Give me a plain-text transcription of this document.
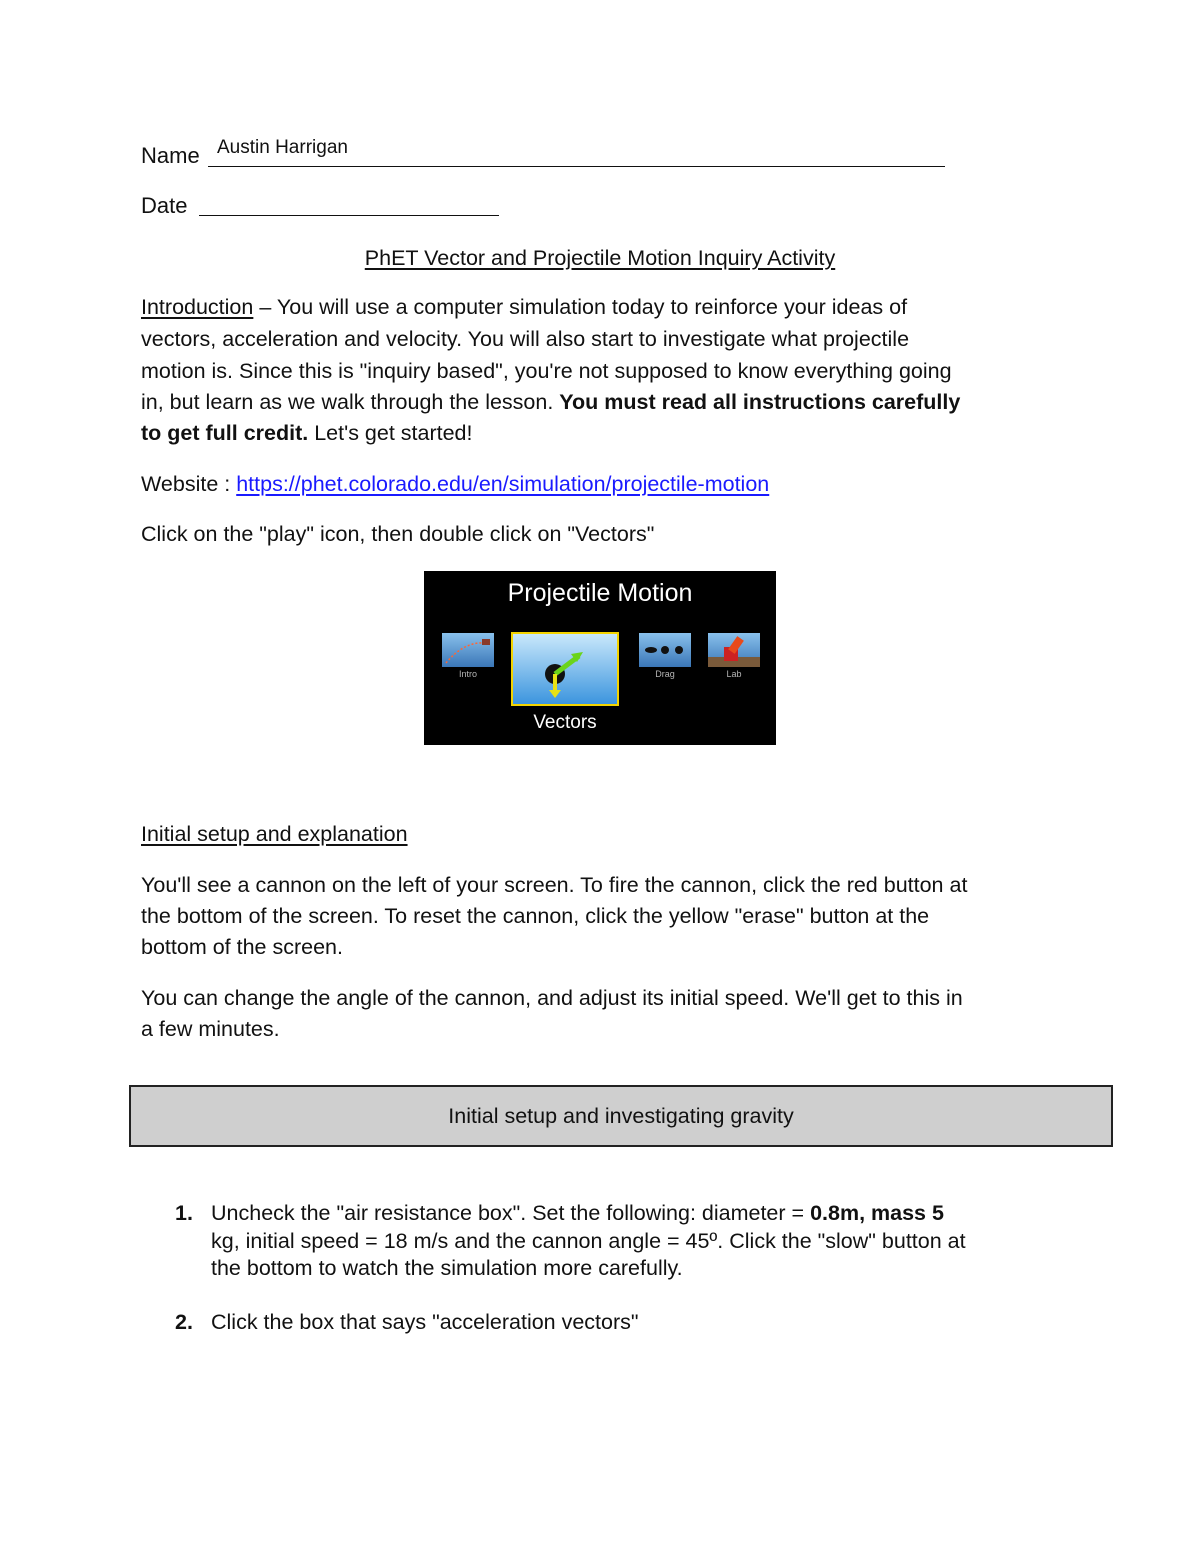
Name Austin Harrigan
Date
PhET Vector and Projectile Motion Inquiry Activity
Introduction – You will use a computer simulation today to reinforce your ideas of
vectors, acceleration and velocity. You will also start to investigate what projectile
motion is. Since this is "inquiry based", you're not supposed to know everything going
in, but learn as we walk through the lesson. You must read all instructions carefully
to get full credit. Let's get started!
Website : https://phet.colorado.edu/en/simulation/projectile-motion
Click on the "play" icon, then double click on "Vectors"
Projectile Motion
Intro
Vectors
Drag	Lab
Initial setup and explanation
You'll see a cannon on the left of your screen. To fire the cannon, click the red button at
the bottom of the screen. To reset the cannon, click the yellow "erase" button at the
bottom of the screen.
You can change the angle of the cannon, and adjust its initial speed. We'll get to this in
a few minutes.
Initial setup and investigating gravity
1. Uncheck the "air resistance box". Set the following: diameter = 0.8m, mass 5
kg, initial speed = 18 m/s and the cannon angle = 45º. Click the "slow" button at
the bottom to watch the simulation more carefully.
2. Click the box that says "acceleration vectors"
